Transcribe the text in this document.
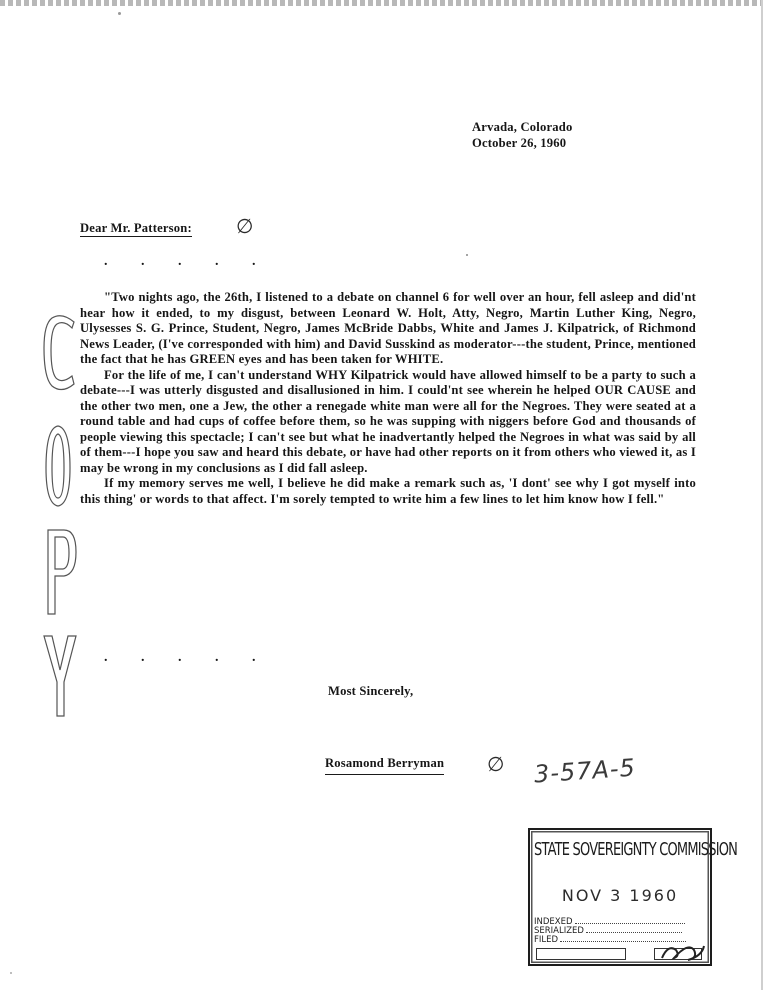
Arvada, Colorado
October 26, 1960
Dear Mr. Patterson: ∅
. . . . .

"Two nights ago, the 26th, I listened to a debate on channel 6 for well over an hour, fell asleep and did'nt hear how it ended, to my disgust, between Leonard W. Holt, Atty, Negro, Martin Luther King, Negro, Ulysesses S. G. Prince, Student, Negro, James McBride Dabbs, White and James J. Kilpatrick, of Richmond News Leader, (I've corresponded with him) and David Susskind as moderator---the student, Prince, mentioned the fact that he has GREEN eyes and has been taken for WHITE.

For the life of me, I can't understand WHY Kilpatrick would have allowed himself to be a party to such a debate---I was utterly disgusted and disallusioned in him. I could'nt see wherein he helped OUR CAUSE and the other two men, one a Jew, the other a renegade white man were all for the Negroes. They were seated at a round table and had cups of coffee before them, so he was supping with niggers before God and thousands of people viewing this spectacle; I can't see but what he inadvertantly helped the Negroes in what was said by all of them---I hope you saw and heard this debate, or have had other reports on it from others who viewed it, as I may be wrong in my conclusions as I did fall asleep.

If my memory serves me well, I believe he did make a remark such as, 'I dont' see why I got myself into this thing' or words to that affect. I'm sorely tempted to write him a few lines to let him know how I fell."

. . . . .
Most Sincerely,
Rosamond Berryman ∅ 3-57A-5
STATE SOVEREIGNTY COMMISSION
NOV 3 1960
INDEXED
SERIALIZED
FILED
